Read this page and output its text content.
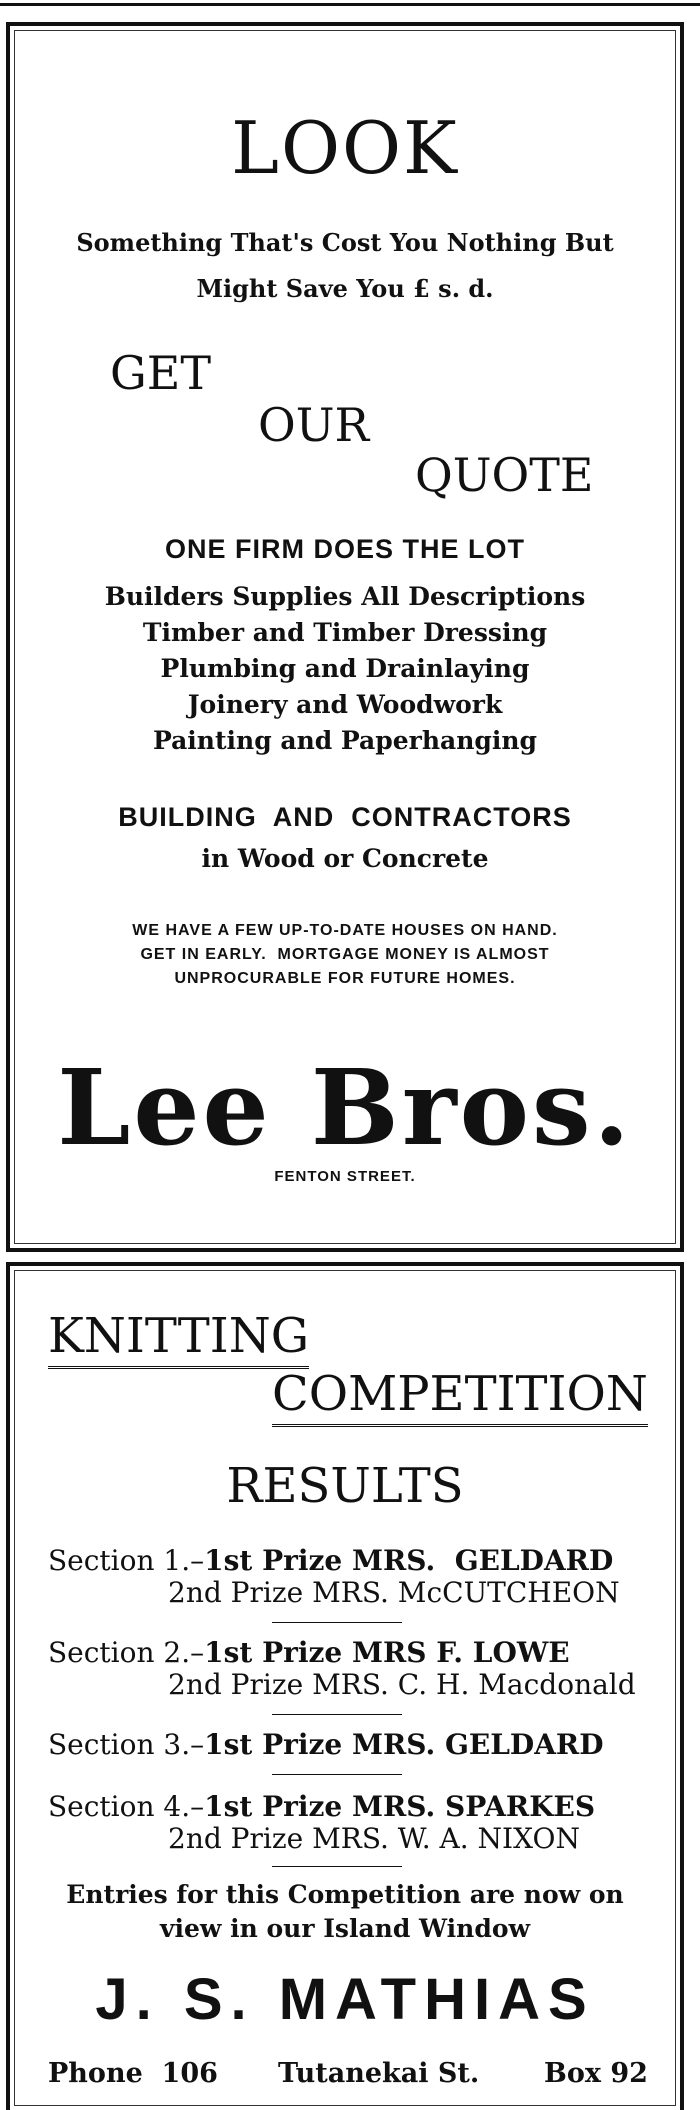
LOOK
Something That's Cost You Nothing But
Might Save You £ s. d.
GET
OUR
QUOTE
ONE FIRM DOES THE LOT
Builders Supplies All Descriptions
Timber and Timber Dressing
Plumbing and Drainlaying
Joinery and Woodwork
Painting and Paperhanging
BUILDING  AND  CONTRACTORS
in Wood or Concrete
WE HAVE A FEW UP-TO-DATE HOUSES ON HAND.
GET IN EARLY.  MORTGAGE MONEY IS ALMOST
UNPROCURABLE FOR FUTURE HOMES.
Lee Bros.
FENTON STREET.
KNITTING
COMPETITION
RESULTS
Section 1.–1st Prize MRS.  GELDARD
2nd Prize MRS. McCUTCHEON
Section 2.–1st Prize MRS F. LOWE
2nd Prize MRS. C. H. Macdonald
Section 3.–1st Prize MRS. GELDARD
Section 4.–1st Prize MRS. SPARKES
2nd Prize MRS. W. A. NIXON
Entries for this Competition are now on
view in our Island Window
J. S. MATHIAS
Phone  106 Tutanekai St. Box 92
